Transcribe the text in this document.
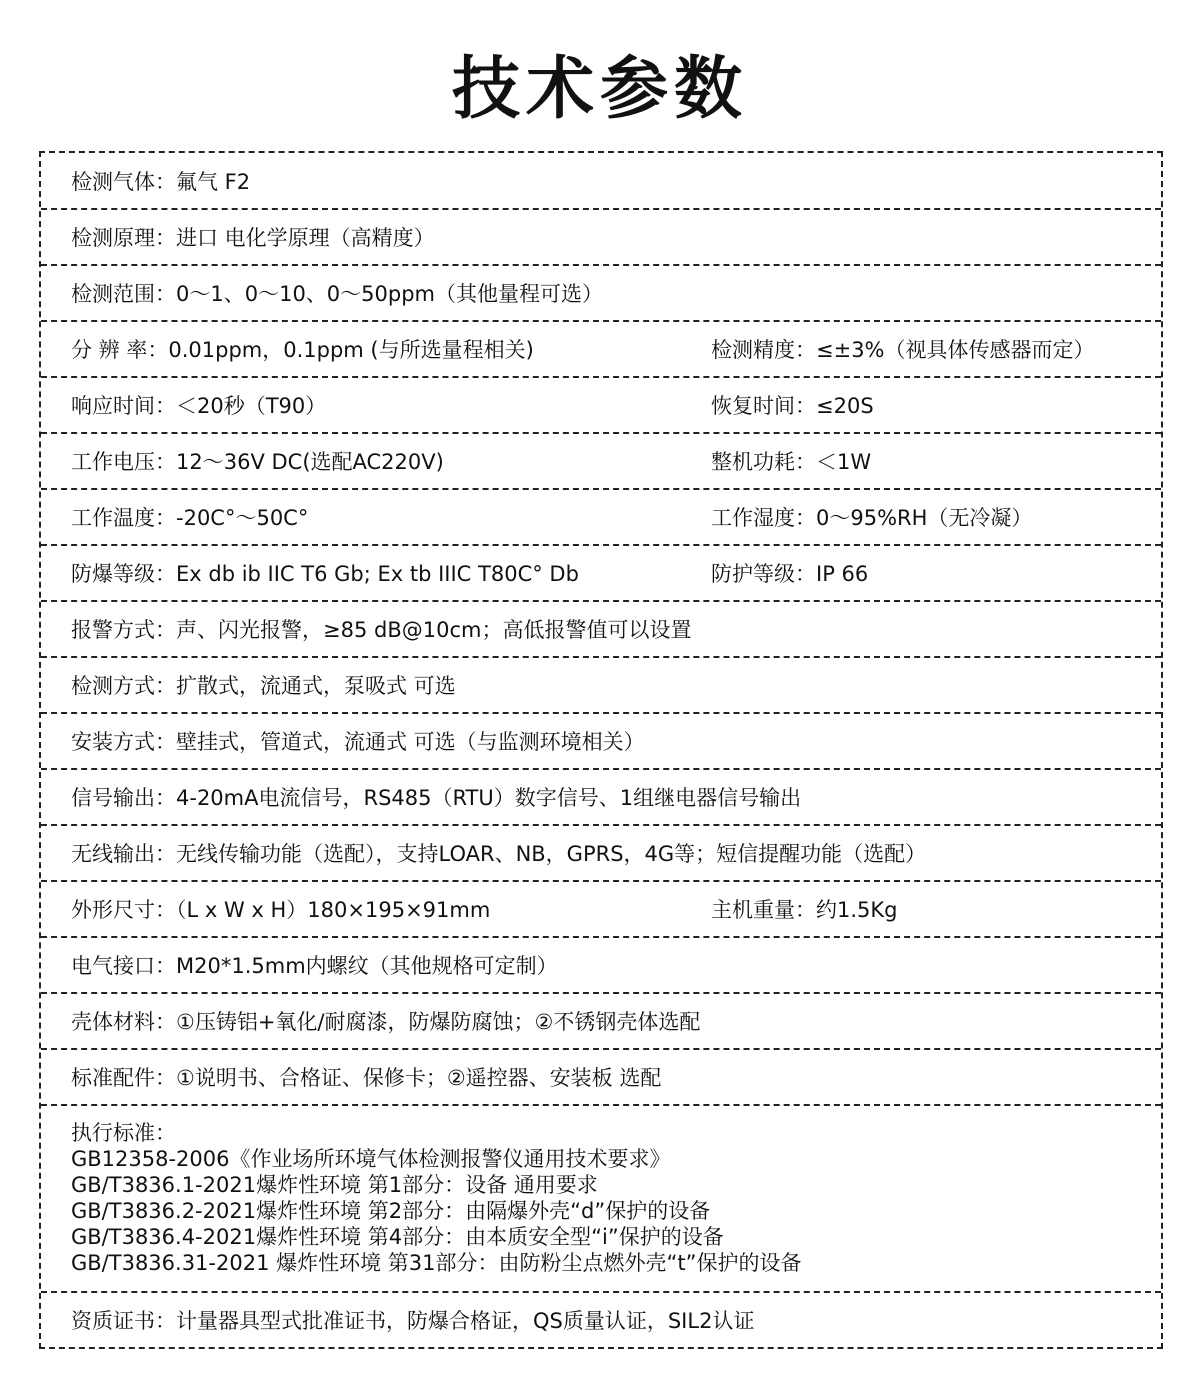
技术参数
检测气体：氟气 F2
检测原理：进口 电化学原理（高精度）
检测范围：0～1、0～10、0～50ppm（其他量程可选）
分 辨 率：0.01ppm，0.1ppm (与所选量程相关)	检测精度：≤±3%（视具体传感器而定）
响应时间：＜20秒（T90）	恢复时间：≤20S
工作电压：12～36V DC(选配AC220V)	整机功耗：＜1W
工作温度：-20C°～50C°	工作湿度：0～95%RH（无冷凝）
防爆等级：Ex db ib IIC T6 Gb; Ex tb IIIC T80C° Db	防护等级：IP 66
报警方式：声、闪光报警，≥85 dB@10cm；高低报警值可以设置
检测方式：扩散式，流通式，泵吸式 可选
安装方式：壁挂式，管道式，流通式 可选（与监测环境相关）
信号输出：4-20mA电流信号，RS485（RTU）数字信号、1组继电器信号输出
无线输出：无线传输功能（选配），支持LOAR、NB，GPRS，4G等；短信提醒功能（选配）
外形尺寸：（L x W x H）180×195×91mm	主机重量：约1.5Kg
电气接口：M20*1.5mm内螺纹（其他规格可定制）
壳体材料：①压铸铝+氧化/耐腐漆，防爆防腐蚀；②不锈钢壳体选配
标准配件：①说明书、合格证、保修卡；②遥控器、安装板 选配
执行标准：
GB12358-2006《作业场所环境气体检测报警仪通用技术要求》
GB/T3836.1-2021爆炸性环境 第1部分：设备 通用要求
GB/T3836.2-2021爆炸性环境 第2部分：由隔爆外壳“d”保护的设备
GB/T3836.4-2021爆炸性环境 第4部分：由本质安全型“i”保护的设备
GB/T3836.31-2021 爆炸性环境 第31部分：由防粉尘点燃外壳“t”保护的设备
资质证书：计量器具型式批准证书，防爆合格证，QS质量认证，SIL2认证
